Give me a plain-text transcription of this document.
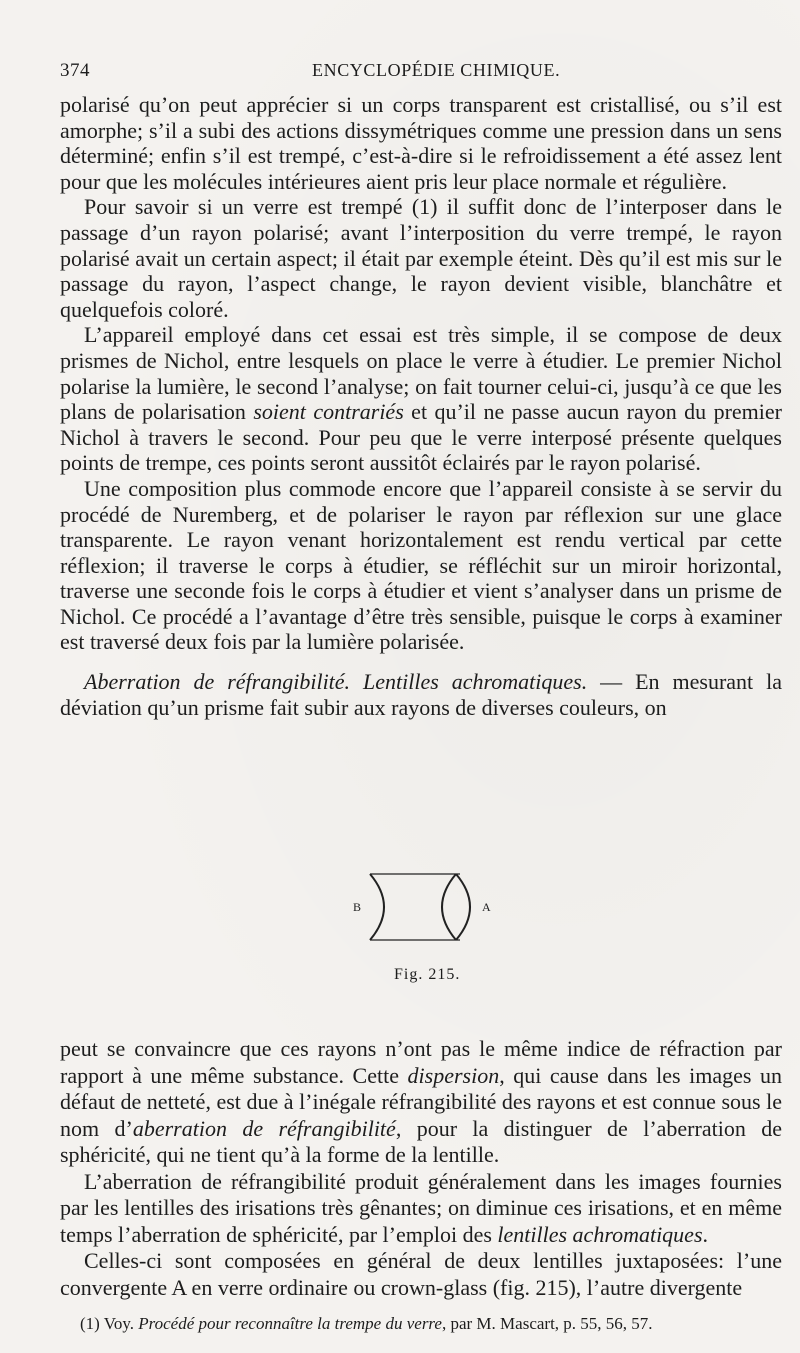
374	ENCYCLOPÉDIE CHIMIQUE.

polarisé qu’on peut apprécier si un corps transparent est cristallisé, ou s’il est amorphe; s’il a subi des actions dissymétriques comme une pression dans un sens déterminé; enfin s’il est trempé, c’est-à-dire si le refroidissement a été assez lent pour que les molécules intérieures aient pris leur place normale et régulière.

Pour savoir si un verre est trempé (1) il suffit donc de l’interposer dans le passage d’un rayon polarisé; avant l’interposition du verre trempé, le rayon polarisé avait un certain aspect; il était par exemple éteint. Dès qu’il est mis sur le passage du rayon, l’aspect change, le rayon devient visible, blanchâtre et quelquefois coloré.

L’appareil employé dans cet essai est très simple, il se compose de deux prismes de Nichol, entre lesquels on place le verre à étudier. Le premier Nichol polarise la lumière, le second l’analyse; on fait tourner celui-ci, jusqu’à ce que les plans de polarisation soient contrariés et qu’il ne passe aucun rayon du premier Nichol à travers le second. Pour peu que le verre interposé présente quelques points de trempe, ces points seront aussitôt éclairés par le rayon polarisé.

Une composition plus commode encore que l’appareil consiste à se servir du procédé de Nuremberg, et de polariser le rayon par réflexion sur une glace transparente. Le rayon venant horizontalement est rendu vertical par cette réflexion; il traverse le corps à étudier, se réfléchit sur un miroir horizontal, traverse une seconde fois le corps à étudier et vient s’analyser dans un prisme de Nichol. Ce procédé a l’avantage d’être très sensible, puisque le corps à examiner est traversé deux fois par la lumière polarisée.

Aberration de réfrangibilité. Lentilles achromatiques. — En mesurant la déviation qu’un prisme fait subir aux rayons de diverses couleurs, on

B	A
Fig. 215.

peut se convaincre que ces rayons n’ont pas le même indice de réfraction par rapport à une même substance. Cette dispersion, qui cause dans les images un défaut de netteté, est due à l’inégale réfrangibilité des rayons et est connue sous le nom d’aberration de réfrangibilité, pour la distinguer de l’aberration de sphéricité, qui ne tient qu’à la forme de la lentille.

L’aberration de réfrangibilité produit généralement dans les images fournies par les lentilles des irisations très gênantes; on diminue ces irisations, et en même temps l’aberration de sphéricité, par l’emploi des lentilles achromatiques.

Celles-ci sont composées en général de deux lentilles juxtaposées: l’une convergente A en verre ordinaire ou crown-glass (fig. 215), l’autre divergente

(1) Voy. Procédé pour reconnaître la trempe du verre, par M. Mascart, p. 55, 56, 57.
